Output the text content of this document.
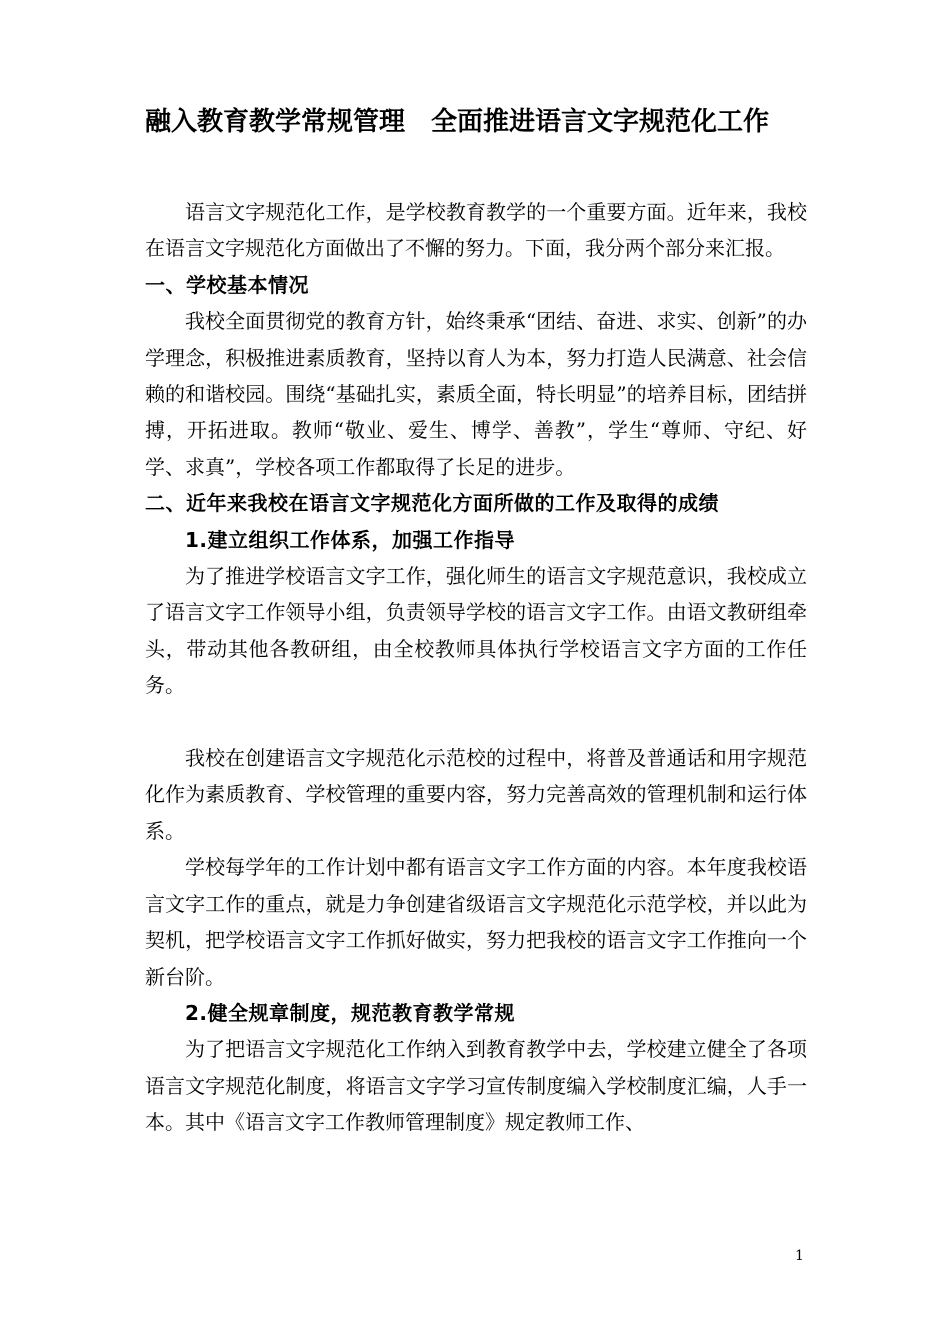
融入教育教学常规管理　全面推进语言文字规范化工作

语言文字规范化工作，是学校教育教学的一个重要方面。近年来，我校在语言文字规范化方面做出了不懈的努力。下面，我分两个部分来汇报。

一、学校基本情况

我校全面贯彻党的教育方针，始终秉承“团结、奋进、求实、创新”的办学理念，积极推进素质教育，坚持以育人为本，努力打造人民满意、社会信赖的和谐校园。围绕“基础扎实，素质全面，特长明显”的培养目标，团结拼搏，开拓进取。教师“敬业、爱生、博学、善教”，学生“尊师、守纪、好学、求真”，学校各项工作都取得了长足的进步。

二、近年来我校在语言文字规范化方面所做的工作及取得的成绩

1.建立组织工作体系，加强工作指导

为了推进学校语言文字工作，强化师生的语言文字规范意识，我校成立了语言文字工作领导小组，负责领导学校的语言文字工作。由语文教研组牵头，带动其他各教研组，由全校教师具体执行学校语言文字方面的工作任务。

我校在创建语言文字规范化示范校的过程中，将普及普通话和用字规范化作为素质教育、学校管理的重要内容，努力完善高效的管理机制和运行体系。

学校每学年的工作计划中都有语言文字工作方面的内容。本年度我校语言文字工作的重点，就是力争创建省级语言文字规范化示范学校，并以此为契机，把学校语言文字工作抓好做实，努力把我校的语言文字工作推向一个新台阶。

2.健全规章制度，规范教育教学常规

为了把语言文字规范化工作纳入到教育教学中去，学校建立健全了各项语言文字规范化制度，将语言文字学习宣传制度编入学校制度汇编，人手一本。其中《语言文字工作教师管理制度》规定教师工作、

1
